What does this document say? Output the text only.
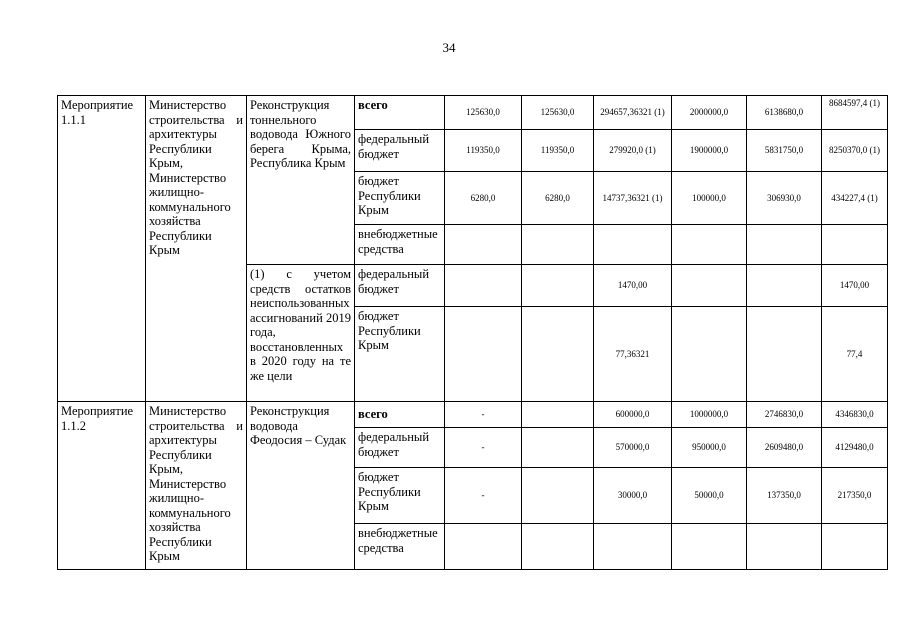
34
Мероприятие 1.1.1	Министерство строительства и архитектуры Республики Крым, Министерство жилищно-коммунального хозяйства Республики Крым	Реконструкция тоннельного водовода Южного берега Крыма, Республика Крым	всего	125630,0	125630,0	294657,36321 (1)	2000000,0	6138680,0	8684597,4 (1)
			федеральный бюджет	119350,0	119350,0	279920,0 (1)	1900000,0	5831750,0	8250370,0 (1)
			бюджет Республики Крым	6280,0	6280,0	14737,36321 (1)	100000,0	306930,0	434227,4 (1)
			внебюджетные средства						
		(1) с учетом средств остатков неиспользованных ассигнований 2019 года, восстановленных в 2020 году на те же цели	федеральный бюджет			1470,00			1470,00
			бюджет Республики Крым			77,36321			77,4
Мероприятие 1.1.2	Министерство строительства и архитектуры Республики Крым, Министерство жилищно-коммунального хозяйства Республики Крым	Реконструкция водовода Феодосия – Судак	всего	-		600000,0	1000000,0	2746830,0	4346830,0
			федеральный бюджет	-		570000,0	950000,0	2609480,0	4129480,0
			бюджет Республики Крым	-		30000,0	50000,0	137350,0	217350,0
			внебюджетные средства						
